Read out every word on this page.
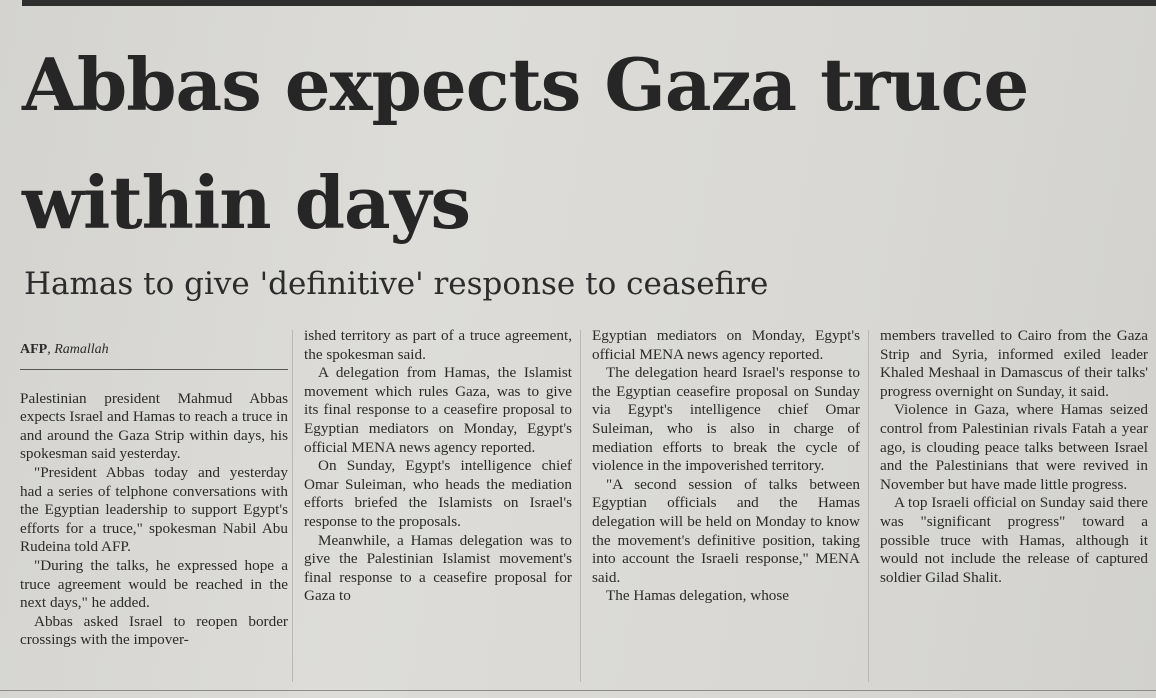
Abbas expects Gaza truce within days
Hamas to give 'definitive' response to ceasefire
AFP, Ramallah

Palestinian president Mahmud Abbas expects Israel and Hamas to reach a truce in and around the Gaza Strip within days, his spokesman said yesterday.

"President Abbas today and yesterday had a series of telphone conversations with the Egyptian leadership to support Egypt's efforts for a truce," spokesman Nabil Abu Rudeina told AFP.

"During the talks, he expressed hope a truce agreement would be reached in the next days," he added.

Abbas asked Israel to reopen border crossings with the impover-

ished territory as part of a truce agreement, the spokesman said.

A delegation from Hamas, the Islamist movement which rules Gaza, was to give its final response to a ceasefire proposal to Egyptian mediators on Monday, Egypt's official MENA news agency reported.

On Sunday, Egypt's intelligence chief Omar Suleiman, who heads the mediation efforts briefed the Islamists on Israel's response to the proposals.

Meanwhile, a Hamas delegation was to give the Palestinian Islamist movement's final response to a ceasefire proposal for Gaza to

Egyptian mediators on Monday, Egypt's official MENA news agency reported.

The delegation heard Israel's response to the Egyptian ceasefire proposal on Sunday via Egypt's intelligence chief Omar Suleiman, who is also in charge of mediation efforts to break the cycle of violence in the impoverished territory.

"A second session of talks between Egyptian officials and the Hamas delegation will be held on Monday to know the movement's definitive position, taking into account the Israeli response," MENA said.

The Hamas delegation, whose

members travelled to Cairo from the Gaza Strip and Syria, informed exiled leader Khaled Meshaal in Damascus of their talks' progress overnight on Sunday, it said.

Violence in Gaza, where Hamas seized control from Palestinian rivals Fatah a year ago, is clouding peace talks between Israel and the Palestinians that were revived in November but have made little progress.

A top Israeli official on Sunday said there was "significant progress" toward a possible truce with Hamas, although it would not include the release of captured soldier Gilad Shalit.
